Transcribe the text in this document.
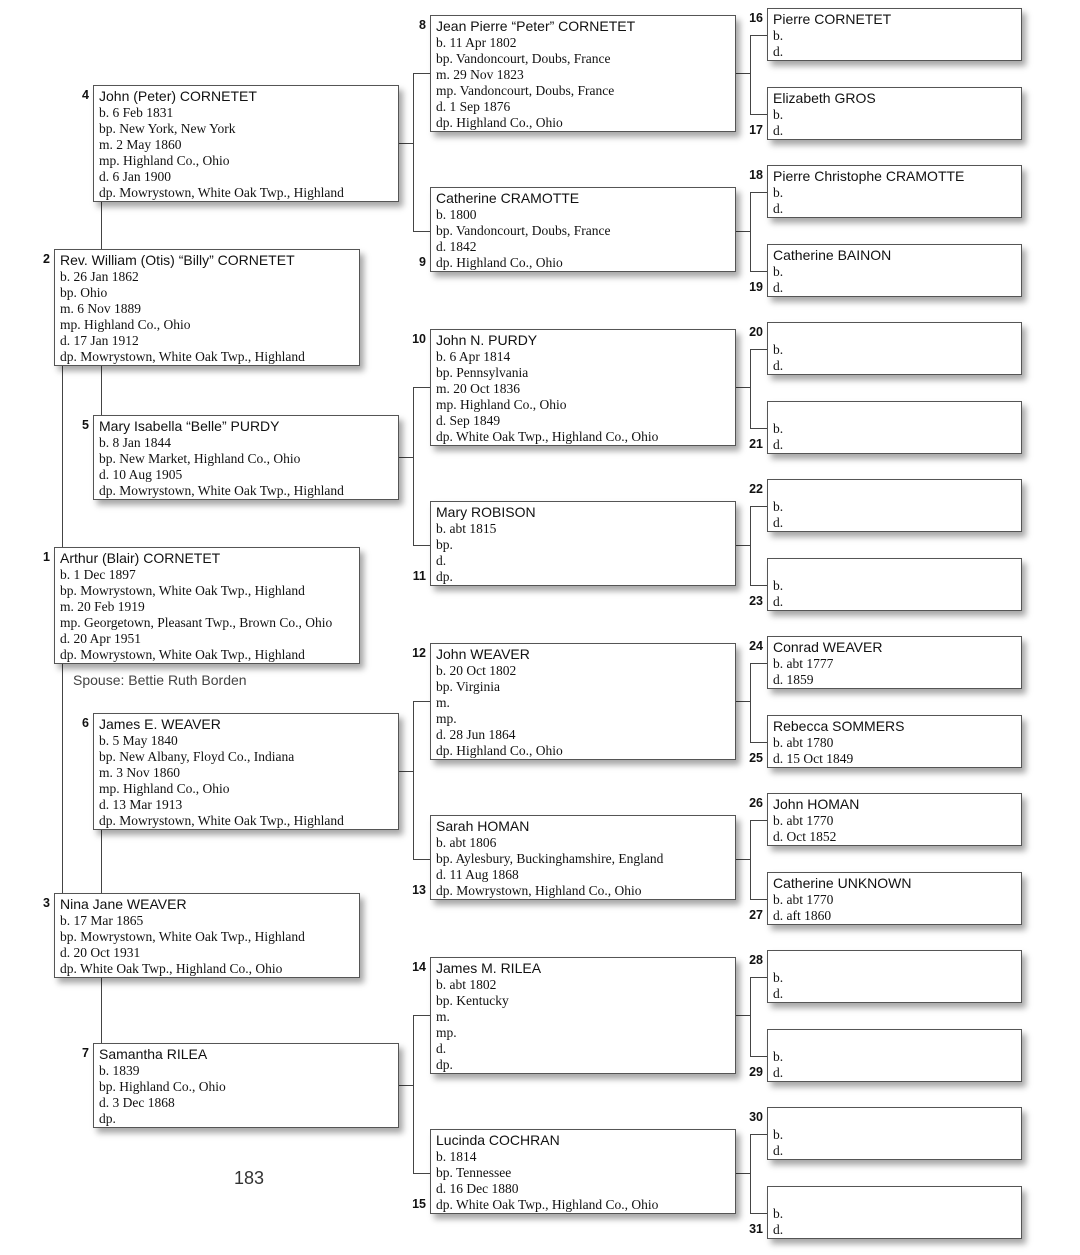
Arthur (Blair) CORNETET
b. 1 Dec 1897
bp. Mowrystown, White Oak Twp., Highland
m. 20 Feb 1919
mp. Georgetown, Pleasant Twp., Brown Co., Ohio
d. 20 Apr 1951
dp. Mowrystown, White Oak Twp., Highland
1
Rev. William (Otis) “Billy” CORNETET
b. 26 Jan 1862
bp. Ohio
m. 6 Nov 1889
mp. Highland Co., Ohio
d. 17 Jan 1912
dp. Mowrystown, White Oak Twp., Highland
2
Nina Jane WEAVER
b. 17 Mar 1865
bp. Mowrystown, White Oak Twp., Highland
d. 20 Oct 1931
dp. White Oak Twp., Highland Co., Ohio
3
John (Peter) CORNETET
b. 6 Feb 1831
bp. New York, New York
m. 2 May 1860
mp. Highland Co., Ohio
d. 6 Jan 1900
dp. Mowrystown, White Oak Twp., Highland
4
Mary Isabella “Belle” PURDY
b. 8 Jan 1844
bp. New Market, Highland Co., Ohio
d. 10 Aug 1905
dp. Mowrystown, White Oak Twp., Highland
5
James E. WEAVER
b. 5 May 1840
bp. New Albany, Floyd Co., Indiana
m. 3 Nov 1860
mp. Highland Co., Ohio
d. 13 Mar 1913
dp. Mowrystown, White Oak Twp., Highland
6
Samantha RILEA
b. 1839
bp. Highland Co., Ohio
d. 3 Dec 1868
dp.
7
Jean Pierre “Peter” CORNETET
b. 11 Apr 1802
bp. Vandoncourt, Doubs, France
m. 29 Nov 1823
mp. Vandoncourt, Doubs, France
d. 1 Sep 1876
dp. Highland Co., Ohio
8
Catherine CRAMOTTE
b. 1800
bp. Vandoncourt, Doubs, France
d. 1842
dp. Highland Co., Ohio
9
John N. PURDY
b. 6 Apr 1814
bp. Pennsylvania
m. 20 Oct 1836
mp. Highland Co., Ohio
d. Sep 1849
dp. White Oak Twp., Highland Co., Ohio
10
Mary ROBISON
b. abt 1815
bp.
d.
dp.
11
John WEAVER
b. 20 Oct 1802
bp. Virginia
m.
mp.
d. 28 Jun 1864
dp. Highland Co., Ohio
12
Sarah HOMAN
b. abt 1806
bp. Aylesbury, Buckinghamshire, England
d. 11 Aug 1868
dp. Mowrystown, Highland Co., Ohio
13
James M. RILEA
b. abt 1802
bp. Kentucky
m.
mp.
d.
dp.
14
Lucinda COCHRAN
b. 1814
bp. Tennessee
d. 16 Dec 1880
dp. White Oak Twp., Highland Co., Ohio
15
Pierre CORNETET
b.
d.
16
Elizabeth GROS
b.
d.
17
Pierre Christophe CRAMOTTE
b.
d.
18
Catherine BAINON
b.
d.
19

b.
d.
20

b.
d.
21

b.
d.
22

b.
d.
23
Conrad WEAVER
b. abt 1777
d. 1859
24
Rebecca SOMMERS
b. abt 1780
d. 15 Oct 1849
25
John HOMAN
b. abt 1770
d. Oct 1852
26
Catherine UNKNOWN
b. abt 1770
d. aft 1860
27

b.
d.
28

b.
d.
29

b.
d.
30

b.
d.
31
Spouse: Bettie Ruth Borden
183
